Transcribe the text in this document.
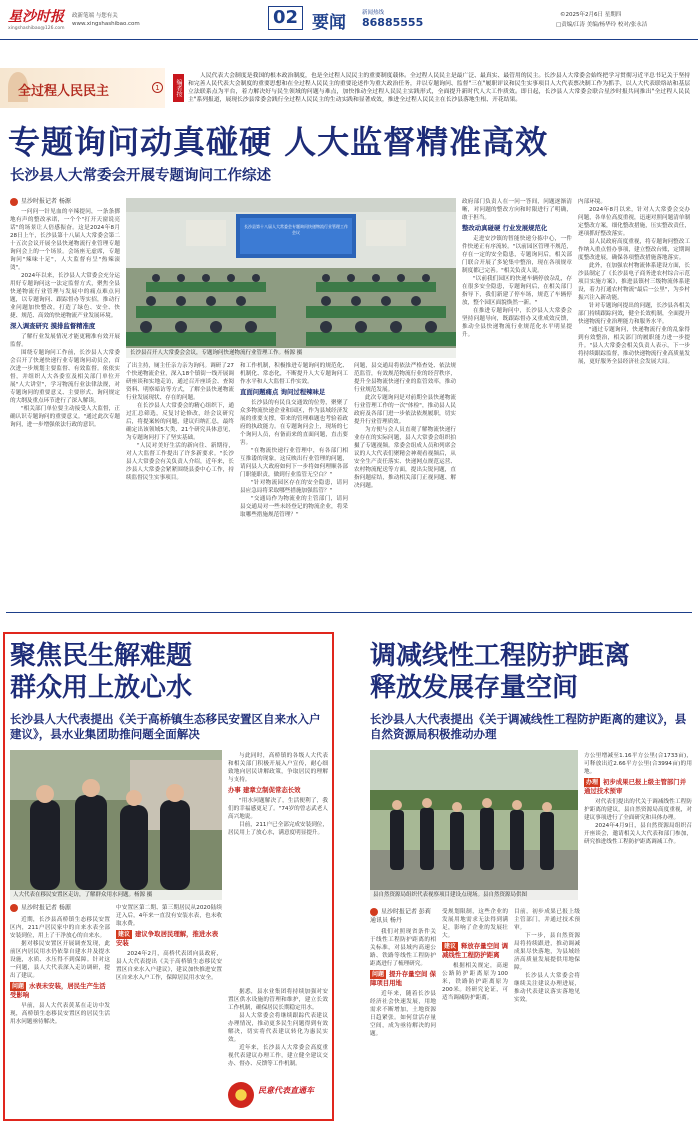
星沙时报
xingshashibao@126.com
政新笔端 与您有关
www.xingshashibao.com	02 要闻	新闻热线
86885555
©2025年2月6日 星期四
□责编/江涛 美编/杨华玲 校对/张永洁
全过程人民民主	1	编者按
人民代表大会制度是我国的根本政治制度，也是全过程人民民主的重要制度载体。全过程人民民主是最广泛、最真实、最管用的民主。长沙县人大常委会始终把学习贯彻习近平总书记关于坚持和完善人民代表大会制度的重要思想和在全过程人民民主的重要论述作为重大政治任务，并以专题询问、监督"三在"履职评议和民生实事项目人大代表票决制工作为抓手，以人大代表联络站和基层立法联系点为平台，着力解决好与民生领域的问题与难点，加快推动全过程人民民主实践形式，全面提升新时代人大工作质效。即日起，长沙县人大常委会联合星沙时报共同推出"全过程人民民主"系列报道，展现长沙县常委会践行全过程人民民主的生动实践和显著成效，推进全过程人民民主在长沙县落地生根、开花结果。
专题询问动真碰硬 人大监督精准高效
长沙县人大常委会开展专题询问工作综述
星沙时报记者 杨源
长沙县第十八届人大常委会专题询问快递物流行业管理工作会议
长沙县召开人大常委会会议，专题询问快递物流行业管理工作。杨源 摄

一问问一针见血的辛辣提问，一条条掷地有声的整改承诺，一个个"打开天窗说亮话"的场景让人倍感振奋。这是2024年8月28日上午，长沙县第十八届人大常委会第二十五次会议开展全县快递物流行业管理专题询问会上的一个场景。会场座无虚席，专题询问"辣味十足"，人大监督有呈"热辣滚烫"。

2024年以来，长沙县人大常委会充分运用好专题询问这一法定监督方式，聚焦全县快递物流行业管理与发展中的痛点难点问题，以专题询问、跟踪督办等实招，推动行业问题加快整改，打造了绿色、安全、快捷、规范、高效的快递物流产业发展环境。

深入调查研究 摸排监督精准度

了解行业发展情况才能更精准有效开展监督。

围绕专题询问工作前，长沙县人大常委会召开了快递快递行业专题询问动员会，首次进一步规划主要监督、有效监督。依依实督，并组织人大各委室及相关部门单位开展"人大讲堂"，学习物流行业法律法规，对专题询问的重要意义、主要形式、询问规定的大纲及重点环节进行了深入解读。

"相关部门单位要主动接受人大监督，正确认识专题询问的重要意义。"通过此次专题询问，进一步增强依法行政的意识。

了出主持，厕主任亲力亲为询问。调研了27个快递物流企业，深入18个镇街一线开展调研座谈和实地走访，通过召开座谈会、查阅资料、明察暗访等方式，了解全县快递物流行业发展现状、存在的问题。

在长沙县人大常委会的精心组织下，通过汇总筛选，反复讨论修改，经会议研究后，将提案转的问题，建议归纳汇总，最终确定出该领域5大类、21个研究具体意见，为专题询问打下了坚实基础。

"人民对美好生活的新向往、新期待，对人大监督工作提出了许多新要求。"长沙县人大常委会有关负责人介绍，近年来，长沙县人大常委会紧紧围绕县委中心工作，持续监督民生实事项目。

和工作机制，积极推进专题询问的规范化、机制化、常态化，不断提升人大专题询问工作水平和人大监督工作实效。

直面问题痛点 询问过程辣味足

长沙县的有民良交通效的位势，聚聚了众多物流快递企业和园区，作为县域经济发展的重要支撑，带来的管理难题也考验着政府的执政能力。在专题询问会上，现场的七个询问人员，有备而来的直面问题，直击要害。

"在物流快递行业管理中，有各部门相互推诿的现象，这反映出行业管理的问题，请问县人大政府如何下一步将如何理顺各部门职能职责，做到行业监管无空白？"

"针对物流园区存在的安全隐患，请问县应急局将采取哪些措施加强监管？"

"交通局作为物流业的主管部门，请问县交通局对一些未经登记的物流企业，将采取哪些措施规范管理？"

问题，县交通局将依法严格查处、依法规范监管，有效规范物流行业的经营秩序，提升全县物流快递行业的监管效率，推动行业规范发展。

此次专题询问是对前期全县快递物流行业管理工作的一次"体检"，推动县人民政府及各部门进一步依法依规履职，切实提升行业管理质效。

为方便与会人员直观了解物流快递行业存在的实际问题，县人大常委会组织拍摄了专题视频。常委会组成人员和列席会议的人大代表们聚精会神观看视频后，从安全生产责任落实、快递网点规范运营、农村物流配送等方面，提出尖锐问题，直指问题症结，推动相关部门正视问题、解决问题。

政府部门负责人在一问一答间，问题逐渐清晰，对问题的整改方向和时限进行了明确，敢于担当。

整改动真碰硬 行业发展规范化

走进安沙镇的智能快递分拣中心，一件件快递正有序流转。"以前园区管理不规范，存在一定的安全隐患，专题询问后，相关部门联合开展了多轮集中整治，现在各项规章制度都已完善。"相关负责人说。

"以前我们园区的快递车辆停放杂乱，存在很多安全隐患，专题询问后，在相关部门指导下，我们新建了停车场，规范了车辆停放，整个园区面貌焕然一新。"

在推进专题询问中，长沙县人大常委会坚持问题导向，既跟踪督办又重成效反馈，推动全县快递物流行业规范化水平明显提升。

内部环境。

2024年8月以来，针对人大常委会交办问题，各单位高度重视，迅速对照问题清单制定整改方案，细化整改措施，压实整改责任，逐项抓好整改落实。

县人民政府高度重视，将专题询问整改工作纳入重点督办事项，建立整改台账，定期调度整改进展，确保各项整改措施落地落实。

此外，在加强农村物流体系建设方面，长沙县制定了《长沙县电子商务进农村综合示范项目实施方案》，推进县镇村三级物流体系建设，着力打通农村物流"最后一公里"，为乡村振兴注入新动能。

针对专题询问提出的问题，长沙县各相关部门持续跟踪问效，健全长效机制，全面提升快递物流行业治理能力和服务水平。

"通过专题询问，快递物流行业的乱象得到有效整治，相关部门的履职能力进一步提升。"县人大常委会相关负责人表示，下一步将持续跟踪监督，推动快递物流行业高质量发展，更好服务全县经济社会发展大局。

聚焦民生解难题
群众用上放心水
长沙县人大代表提出《关于高桥镇生态移民安置区自来水入户建议》，县水业集团助推问题全面解决
人大代表在移民安置区走访，了解群众用水问题。杨源 摄
星沙时报记者 杨源

近期，长沙县高桥镇生态移民安置区内，211户居民家中的自来水表全部安装到位，用上了干净放心的自来水。

据对移民安置区开展调查发现，此前区内居民用水仍依靠自建水井及提水设施，水质、水压得不到保障。针对这一问题，县人大代表深入走访调研，提出了建议。

问题 水表未安装，居民生产生活受影响

早前，县人大代表黄某在走访中发现，高桥镇生态移民安置区的居民生活用水问题亟待解决。

中安置区第二期、第三期居民从2020陆续迁入后，4年来一直没有安装水表，也未收取水费。

建议 建议争取居民理解，推进水表安装

2024年2月，高桥代表团向县政府，县人大代表提出《关于高桥镇生态移民安置区自来水入户建议》，建议加快推进安置区自来水入户工作，保障居民用水安全。

与此同时，高桥镇的各级人大代表和相关部门积极开展入户宣传，耐心细致地向居民讲解政策，争取居民的理解与支持。

办事 建章立制促常态长效

"用水问题解决了，生活便利了，我们的幸福感更足了。"74岁的曾志武老人高兴地说。

目前，211户已全部完成安装到位，居民用上了放心水，满意度明显提升。

据悉，县水业集团将持续加强对安置区供水设施的管理和维护，建立长效工作机制，确保居民长期稳定用水。

县人大常委会将继续跟踪代表建议办理情况，推动更多民生问题得到有效解决，切实将代表建议转化为惠民实效。

近年来，长沙县人大常委会高度重视代表建议办理工作，建立健全建议交办、督办、反馈等工作机制。

民意代表直通车
调减线性工程防护距离
释放发展存量空间
长沙县人大代表提出《关于调减线性工程防护距离的建议》，县自然资源局积极推动办理
县自然资源局组织代表视察项目建设点现场。县自然资源局供图

方公里增减至1.16平方公里(合1733亩)，可释放出近2.66平方公里(合3994亩)的用地。

办理 初步成果已报上级主管部门并通过技术预审

对代表们提出的代关于调减线性工程防护距离的建议，县自然资源局高度重视，对建议事项进行了全面研究和具体办理。

2024年4月9日，县自然资源局组织召开座谈会，邀请相关人大代表和部门参加，研究推进线性工程防护距离调减工作。

星沙时报记者 彭莉
通讯员 杨丹

我们对照现省条件关于线性工程防护距离的相关标准，对县域内高速公路、铁路等线性工程防护距离进行了梳理研究。

问题 提升存量空间 保障项目用地

近年来，随着长沙县经济社会快速发展，用地需求不断增加，土地资源日趋紧张。如何盘活存量空间，成为亟待解决的问题。

受规划限制，这些企业的发展用地需求无法得到满足，影响了企业的发展壮大。

建议 释放存量空间 调减线性工程防护距离

根据相关规定，高速公路防护距离原为100米，铁路防护距离原为200米。经研究论证，可适当调减防护距离。

目前，初步成果已报上级主管部门，并通过技术预审。

下一步，县自然资源局将持续跟进，推动调减成果尽快落地，为县域经济高质量发展提供用地保障。

长沙县人大常委会将继续关注建议办理进展，推动代表建议落实落地见实效。
